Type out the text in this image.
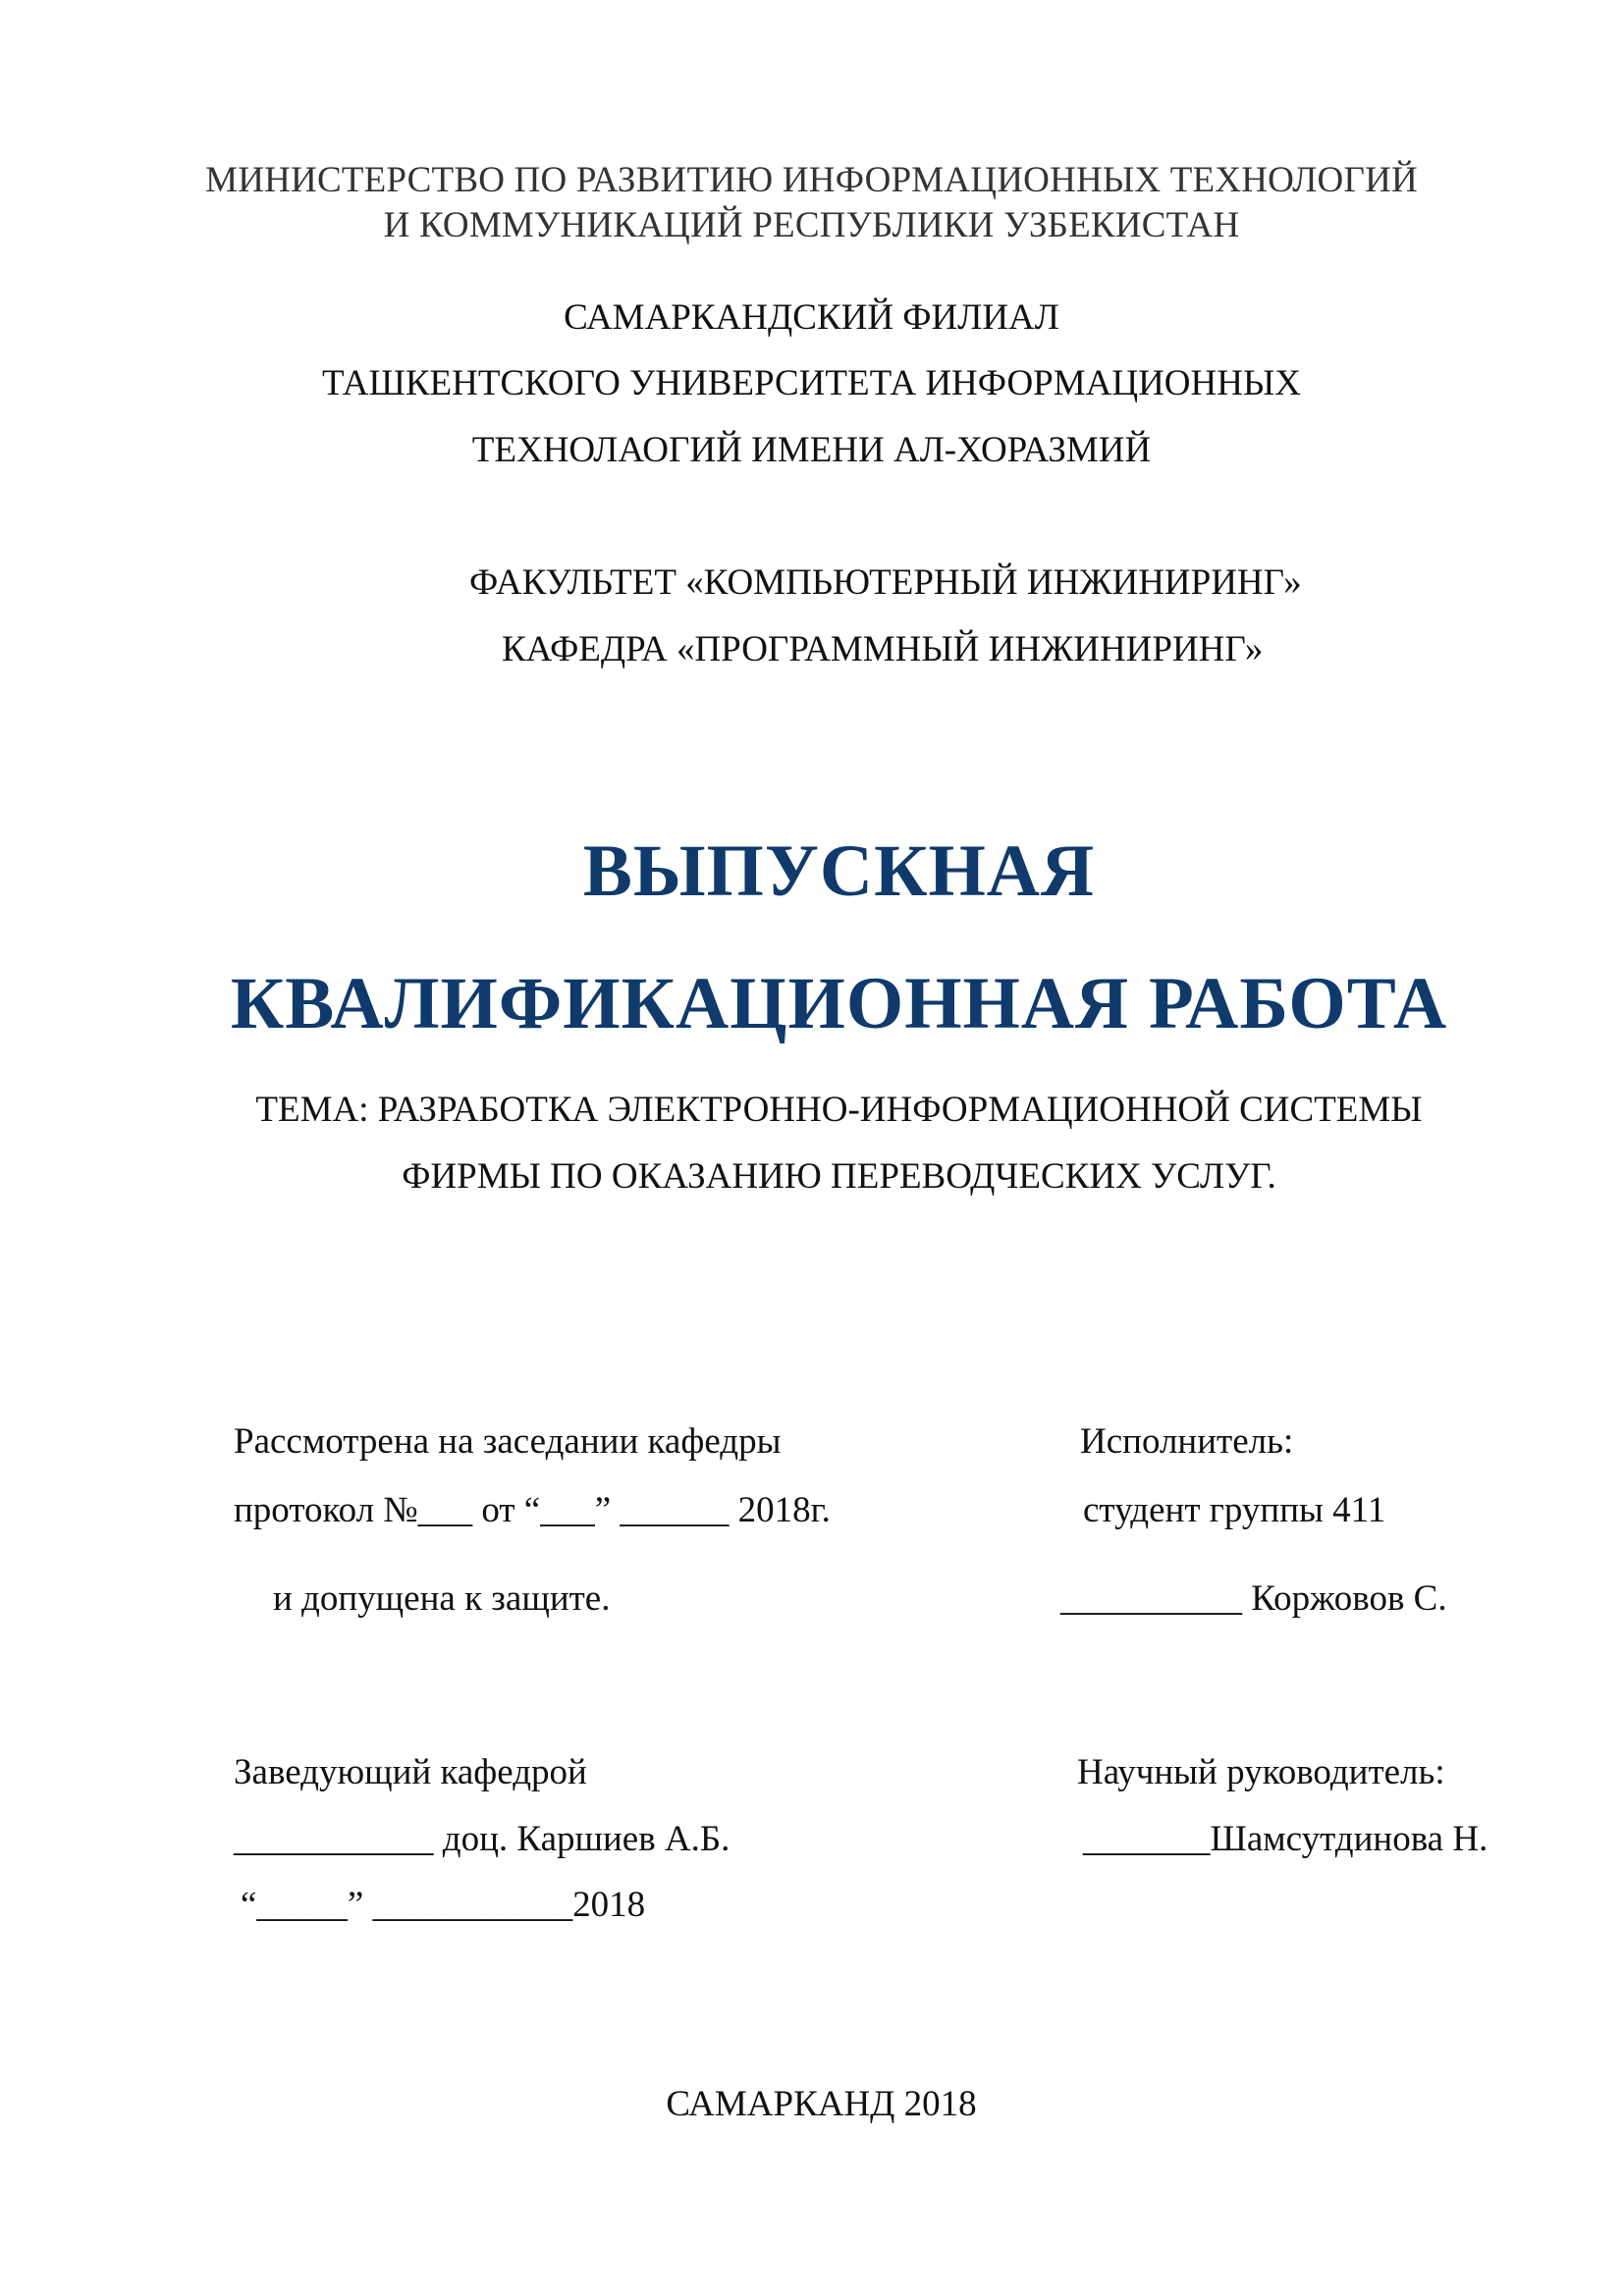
МИНИСТЕРСТВО ПО РАЗВИТИЮ ИНФОРМАЦИОННЫХ ТЕХНОЛОГИЙ
И КОММУНИКАЦИЙ РЕСПУБЛИКИ УЗБЕКИСТАН
САМАРКАНДСКИЙ ФИЛИАЛ
ТАШКЕНТСКОГО УНИВЕРСИТЕТА ИНФОРМАЦИОННЫХ
ТЕХНОЛАОГИЙ ИМЕНИ АЛ-ХОРАЗМИЙ
ФАКУЛЬТЕТ «КОМПЬЮТЕРНЫЙ ИНЖИНИРИНГ»
КАФЕДРА «ПРОГРАММНЫЙ ИНЖИНИРИНГ»
ВЫПУСКНАЯ
КВАЛИФИКАЦИОННАЯ РАБОТА
ТЕМА: РАЗРАБОТКА ЭЛЕКТРОННО-ИНФОРМАЦИОННОЙ СИСТЕМЫ
ФИРМЫ ПО ОКАЗАНИЮ ПЕРЕВОДЧЕСКИХ УСЛУГ.
Рассмотрена на заседании кафедры
протокол №___ от “___” ______ 2018г.
и допущена к защите.
Заведующий кафедрой
___________ доц. Каршиев А.Б.
“_____” ___________2018
Исполнитель:
студент группы 411
__________ Коржовов С.
Научный руководитель:
_______Шамсутдинова Н.
САМАРКАНД 2018
